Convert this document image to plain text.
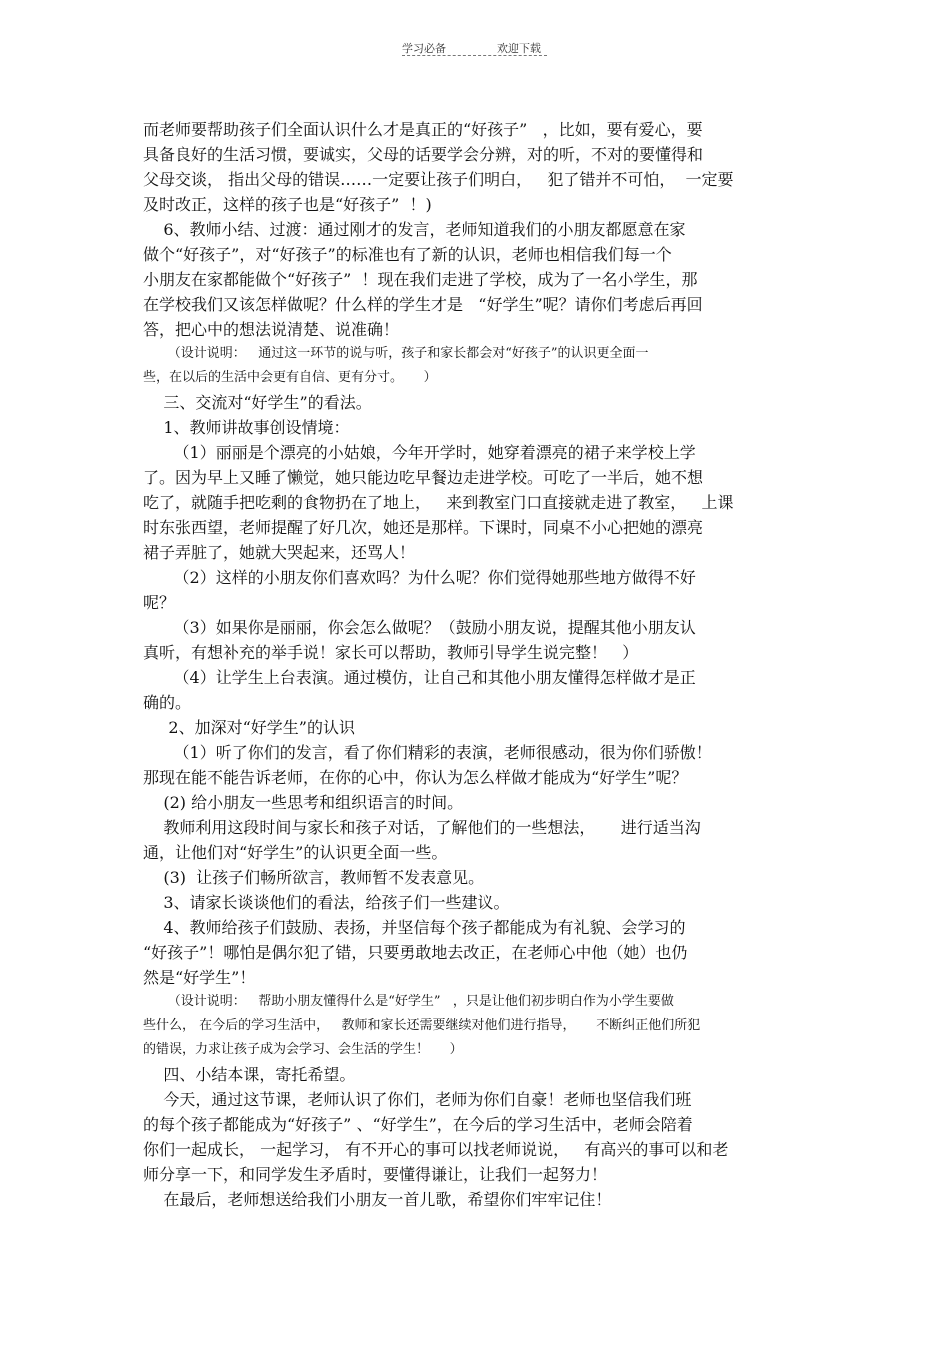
学习必备	欢迎下载
而老师要帮助孩子们全面认识什么才是真正的“好孩子”   ，比如，要有爱心，要
具备良好的生活习惯，要诚实，父母的话要学会分辨，对的听，不对的要懂得和
父母交谈， 指出父母的错误……一定要让孩子们明白，   犯了错并不可怕，  一定要
及时改正，这样的孩子也是“好孩子”  ！)
6、教师小结、过渡：通过刚才的发言，老师知道我们的小朋友都愿意在家
做个“好孩子”，对“好孩子”的标准也有了新的认识，老师也相信我们每一个
小朋友在家都能做个“好孩子”  ！现在我们走进了学校，成为了一名小学生，那
在学校我们又该怎样做呢？什么样的学生才是   “好学生”呢？请你们考虑后再回
答，把心中的想法说清楚、说准确！
（设计说明：   通过这一环节的说与听，孩子和家长都会对“好孩子”的认识更全面一
些，在以后的生活中会更有自信、更有分寸。     ）
三、交流对“好学生”的看法。
1、教师讲故事创设情境：
（1）丽丽是个漂亮的小姑娘，今年开学时，她穿着漂亮的裙子来学校上学
了。因为早上又睡了懒觉，她只能边吃早餐边走进学校。可吃了一半后，她不想
吃了，就随手把吃剩的食物扔在了地上，   来到教室门口直接就走进了教室，   上课
时东张西望，老师提醒了好几次，她还是那样。下课时，同桌不小心把她的漂亮
裙子弄脏了，她就大哭起来，还骂人！
（2）这样的小朋友你们喜欢吗？为什么呢？你们觉得她那些地方做得不好
呢？
（3）如果你是丽丽，你会怎么做呢？（鼓励小朋友说，提醒其他小朋友认
真听，有想补充的举手说！家长可以帮助，教师引导学生说完整！   ）
（4）让学生上台表演。通过模仿，让自己和其他小朋友懂得怎样做才是正
确的。
2、加深对“好学生”的认识
（1）听了你们的发言，看了你们精彩的表演，老师很感动，很为你们骄傲！
那现在能不能告诉老师，在你的心中，你认为怎么样做才能成为“好学生”呢？
(2) 给小朋友一些思考和组织语言的时间。
教师利用这段时间与家长和孩子对话，了解他们的一些想法，     进行适当沟
通，让他们对“好学生”的认识更全面一些。
(3)  让孩子们畅所欲言，教师暂不发表意见。
3、请家长谈谈他们的看法，给孩子们一些建议。
4、教师给孩子们鼓励、表扬，并坚信每个孩子都能成为有礼貌、会学习的
“好孩子”！哪怕是偶尔犯了错，只要勇敢地去改正，在老师心中他（她）也仍
然是“好学生”！
（设计说明：   帮助小朋友懂得什么是“好学生”   ，只是让他们初步明白作为小学生要做
些什么， 在今后的学习生活中，   教师和家长还需要继续对他们进行指导，     不断纠正他们所犯
的错误，力求让孩子成为会学习、会生活的学生！     ）
四、小结本课，寄托希望。
今天，通过这节课，老师认识了你们，老师为你们自豪！老师也坚信我们班
的每个孩子都能成为“好孩子” 、“好学生”，在今后的学习生活中，老师会陪着
你们一起成长， 一起学习， 有不开心的事可以找老师说说，   有高兴的事可以和老
师分享一下，和同学发生矛盾时，要懂得谦让，让我们一起努力！
在最后，老师想送给我们小朋友一首儿歌，希望你们牢牢记住！
